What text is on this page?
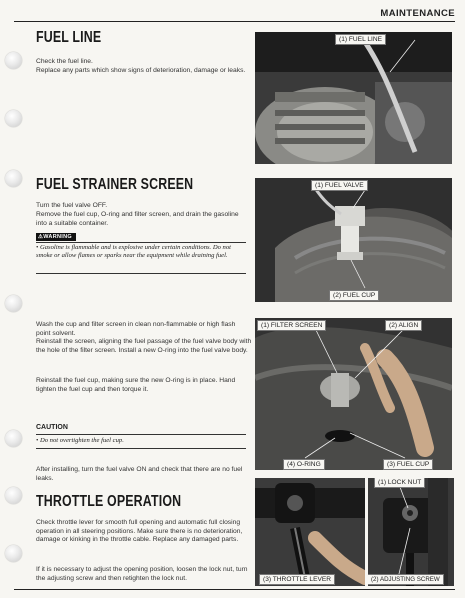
MAINTENANCE
FUEL LINE
Check the fuel line.
Replace any parts which show signs of deterioration, damage or leaks.
(1) FUEL LINE
FUEL STRAINER SCREEN
Turn the fuel valve OFF.
Remove the fuel cup, O-ring and filter screen, and drain the gasoline into a suitable container.
⚠WARNING
• Gasoline is flammable and is explosive under certain conditions. Do not smoke or allow flames or sparks near the equipment while draining fuel.
(1) FUEL VALVE
(2) FUEL CUP
Wash the cup and filter screen in clean non-flammable or high flash point solvent.
Reinstall the screen, aligning the fuel passage of the fuel valve body with the hole of the filter screen. Install a new O-ring into the fuel valve body.
Reinstall the fuel cup, making sure the new O-ring is in place. Hand tighten the fuel cup and then torque it.
CAUTION
• Do not overtighten the fuel cup.
After installing, turn the fuel valve ON and check that there are no fuel leaks.
(1) FILTER SCREEN	(2) ALIGN
(4) O-RING	(3) FUEL CUP
THROTTLE OPERATION
Check throttle lever for smooth full opening and automatic full closing operation in all steering positions. Make sure there is no deterioration, damage or kinking in the throttle cable. Replace any damaged parts.
If it is necessary to adjust the opening position, loosen the lock nut, turn the adjusting screw and then retighten the lock nut.	(3) THROTTLE LEVER
(1) LOCK NUT
(2) ADJUSTING SCREW
